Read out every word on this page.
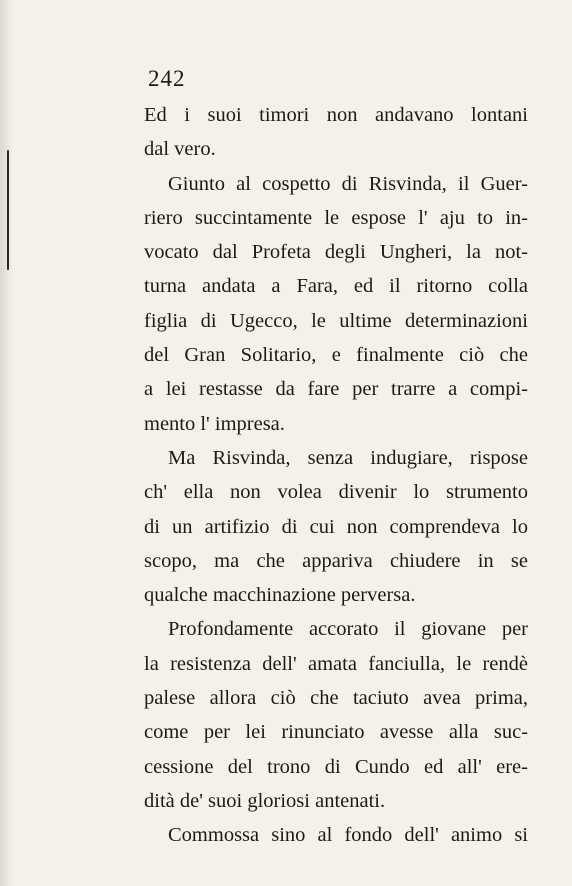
242
Ed i suoi timori non andavano lontani
dal vero.
Giunto al cospetto di Risvinda, il Guer-
riero succintamente le espose l' aju to in-
vocato dal Profeta degli Ungheri, la not-
turna andata a Fara, ed il ritorno colla
figlia di Ugecco, le ultime determinazioni
del Gran Solitario, e finalmente ciò che
a lei restasse da fare per trarre a compi-
mento l' impresa.
Ma Risvinda, senza indugiare, rispose
ch' ella non volea divenir lo strumento
di un artifizio di cui non comprendeva lo
scopo, ma che appariva chiudere in se
qualche macchinazione perversa.
Profondamente accorato il giovane per
la resistenza dell' amata fanciulla, le rendè
palese allora ciò che taciuto avea prima,
come per lei rinunciato avesse alla suc-
cessione del trono di Cundo ed all' ere-
dità de' suoi gloriosi antenati.
Commossa sino al fondo dell' animo si
